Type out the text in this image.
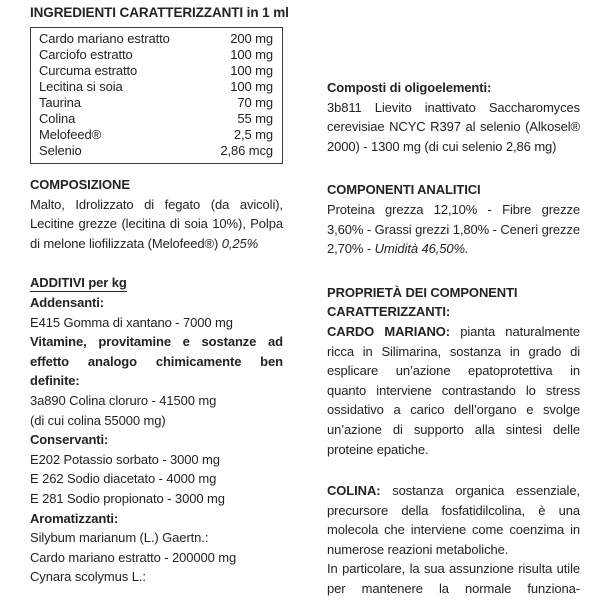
INGREDIENTI CARATTERIZZANTI in 1 ml
Cardo mariano estratto	200 mg
Carciofo estratto	100 mg
Curcuma estratto	100 mg
Lecitina si soia	100 mg
Taurina	70 mg
Colina	55 mg
Melofeed®	2,5 mg
Selenio	2,86 mcg
COMPOSIZIONE

Malto, Idrolizzato di fegato (da avicoli), Lecitine grezze (lecitina di soia 10%), Polpa di melone liofilizzata (Melofeed®) 0,25%

ADDITIVI per kg
Addensanti:
E415 Gomma di xantano - 7000 mg
Vitamine, provitamine e sostanze ad effetto analogo chimicamente ben definite:
3a890 Colina cloruro - 41500 mg
(di cui colina 55000 mg)
Conservanti:
E202 Potassio sorbato - 3000 mg
E 262 Sodio diacetato - 4000 mg
E 281 Sodio propionato - 3000 mg
Aromatizzanti:
Silybum marianum (L.) Gaertn.:
Cardo mariano estratto - 200000 mg
Cynara scolymus L.:
Composti di oligoelementi:

3b811 Lievito inattivato Saccharomyces cerevisiae NCYC R397 al selenio (Alkosel® 2000) - 1300 mg (di cui selenio 2,86 mg)

COMPONENTI ANALITICI

Proteina grezza 12,10% - Fibre grezze 3,60% - Grassi grezzi 1,80% - Ceneri grezze 2,70% - Umidità 46,50%.

PROPRIETÀ DEI COMPONENTI
CARATTERIZZANTI:

CARDO MARIANO: pianta naturalmente ricca in Silimarina, sostanza in grado di esplicare un’azione epatoprotettiva in quanto interviene contrastando lo stress ossidativo a carico dell’organo e svolge un’azione di supporto alla sintesi delle proteine epatiche.

COLINA: sostanza organica essenziale, precursore della fosfatidilcolina, è una molecola che interviene come coenzima in numerose reazioni metaboliche.

In particolare, la sua assunzione risulta utile per mantenere la normale funziona-
